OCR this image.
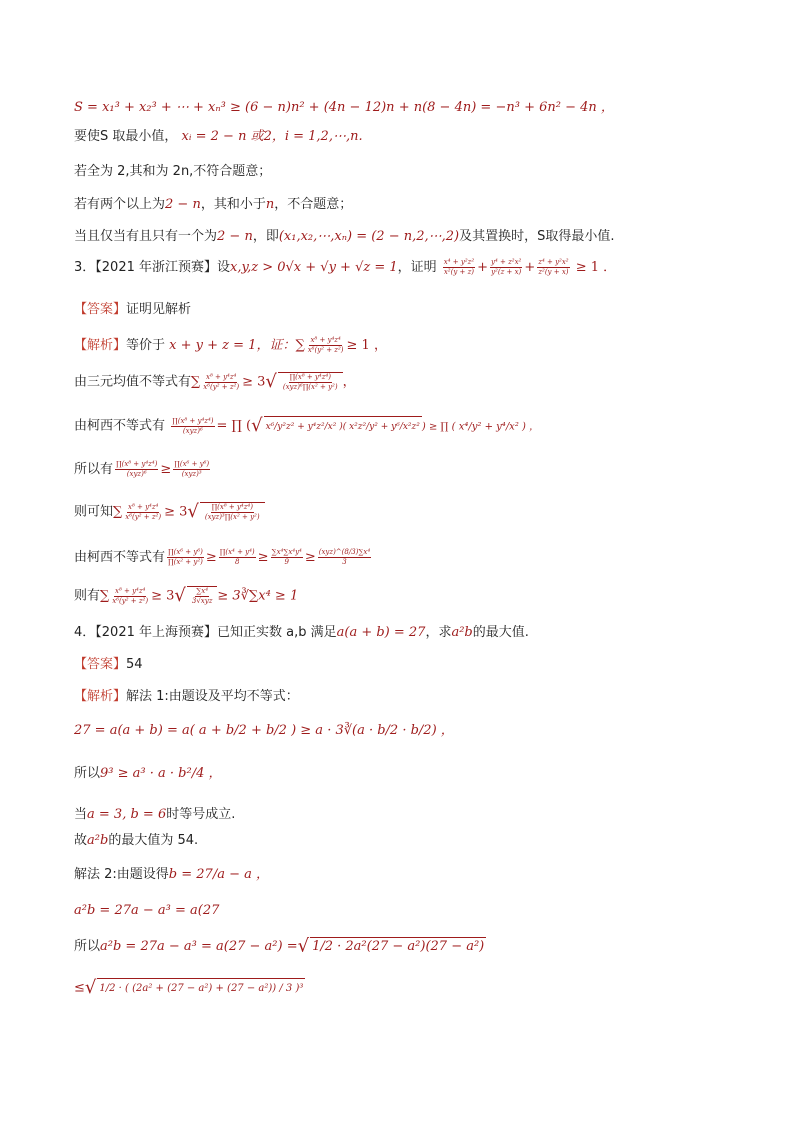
S = x₁³ + x₂³ + ⋯ + xₙ³ ≥ (6 − n)n² + (4n − 12)n + n(8 − 4n) = −n³ + 6n² − 4n ，
要使S 取最小值， xᵢ = 2 − n 或2，i = 1,2,⋯,n.
若全为 2,其和为 2n,不符合题意；
若有两个以上为2 − n，其和小于n，不合题意；
当且仅当有且只有一个为2 − n，即(x₁,x₂,⋯,xₙ) = (2 − n,2,⋯,2)及其置换时，S取得最小值.
3．【2021 年浙江预赛】设x,y,z > 0√x + √y + √z = 1，证明 $\frac{\text{x⁴ + y²z²}}{\text{x²(y + z)}} + \frac{\text{y⁴ + z²x²}}{\text{y²(z + x)}} + \frac{\text{z⁴ + y²x²}}{\text{z²(y + x)}} \ge 1$ ．
【答案】证明见解析
【解析】等价于 x + y + z = 1，证：∑ $\frac{\text{x⁸ + y⁴z⁴}}{\text{x⁶(y² + z²)}} \ge 1$ ，
由三元均值不等式有∑ $\frac{\text{x⁸ + y⁴z⁴}}{\text{x⁶(y² + z²)}} \ge 3√ \frac{\text{∏(x⁸ + y⁴z⁴)}}{\text{(xyz)⁶∏(x² + y²)}}$ ，
由柯西不等式有 $\frac{\text{∏(x⁸ + y⁴z⁴)}}{\text{(xyz)⁶}}$ = ∏ (√ x⁶/y²z² + y⁴z²/x² )( x²z²/y² + y⁶/x²z² ) ≥ ∏ ( x⁴/y² + y⁴/x² ) ，
所以有 $\frac{\text{∏(x⁸ + y⁴z⁴)}}{\text{(xyz)⁶}} \ge \frac{\text{∏(x⁶ + y⁶)}}{\text{(xyz)³}}$
则可知∑ $\frac{\text{x⁸ + y⁴z⁴}}{\text{x⁶(y² + z²)}} \ge 3√ \frac{\text{∏(x⁸ + y⁴z⁴)}}{\text{(xyz)³∏(x² + y²)}}$
由柯西不等式有 $\frac{\text{∏(x⁶ + y⁶)}}{\text{∏(x² + y²)}} \ge \frac{\text{∏(x⁴ + y⁴)}}{8} \ge \frac{\text{∑x⁴∑x⁴y⁴}}{9} \ge \frac{\text{(xyz)\textasciicircum{}(8/3)∑x⁴}}{3}$
则有∑ $\frac{\text{x⁸ + y⁴z⁴}}{\text{x⁶(y² + z²)}} \ge 3√ \frac{\text{∑x⁴}}{\text{3√xyz}}$ ≥ 3∛∑x⁴ ≥ 1
4．【2021 年上海预赛】已知正实数 a,b 满足a(a + b) = 27，求a²b的最大值.
【答案】54
【解析】解法 1:由题设及平均不等式：
27 = a(a + b) = a( a + b/2 + b/2 ) ≥ a · 3∛(a · b/2 · b/2) ，
所以9³ ≥ a³ · a · b²/4 ，
当a = 3, b = 6时等号成立.
故a²b的最大值为 54.
解法 2:由题设得b = 27/a − a ，
a²b = 27a − a³ = a(27
所以a²b = 27a − a³ = a(27 − a²) =√ 1/2 · 2a²(27 − a²)(27 − a²)
≤√ 1/2 · ( (2a² + (27 − a²) + (27 − a²)) / 3 )³
